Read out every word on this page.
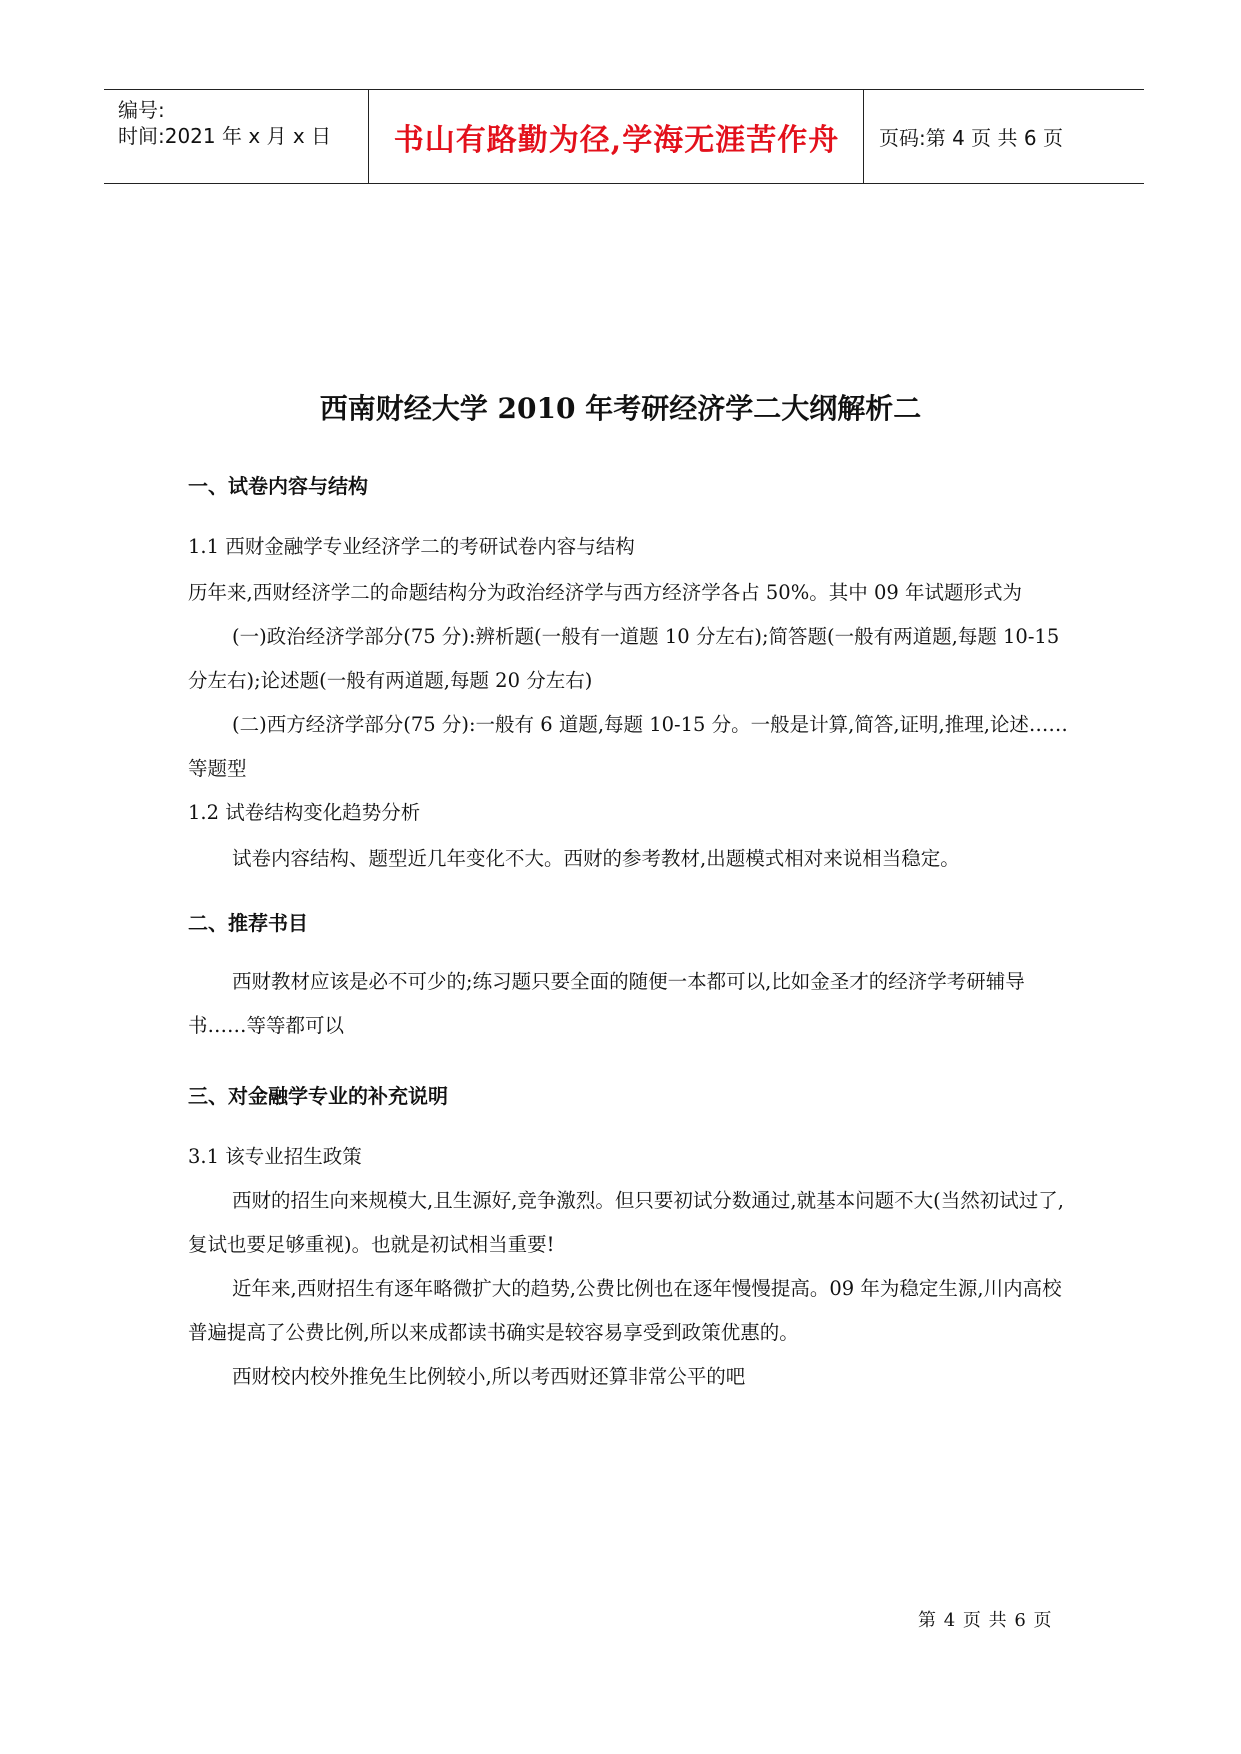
编号:
时间:2021 年 x 月 x 日 书山有路勤为径,学海无涯苦作舟 页码:第 4 页 共 6 页
西南财经大学 2010 年考研经济学二大纲解析二
一、试卷内容与结构

1.1 西财金融学专业经济学二的考研试卷内容与结构

历年来,西财经济学二的命题结构分为政治经济学与西方经济学各占 50%。其中 09 年试题形式为

(一)政治经济学部分(75 分):辨析题(一般有一道题 10 分左右);简答题(一般有两道题,每题 10-15 分左右);论述题(一般有两道题,每题 20 分左右)

(二)西方经济学部分(75 分):一般有 6 道题,每题 10-15 分。一般是计算,简答,证明,推理,论述……等题型

1.2 试卷结构变化趋势分析

试卷内容结构、题型近几年变化不大。西财的参考教材,出题模式相对来说相当稳定。

二、推荐书目

西财教材应该是必不可少的;练习题只要全面的随便一本都可以,比如金圣才的经济学考研辅导书……等等都可以

三、对金融学专业的补充说明

3.1 该专业招生政策

西财的招生向来规模大,且生源好,竞争激烈。但只要初试分数通过,就基本问题不大(当然初试过了,复试也要足够重视)。也就是初试相当重要!

近年来,西财招生有逐年略微扩大的趋势,公费比例也在逐年慢慢提高。09 年为稳定生源,川内高校普遍提高了公费比例,所以来成都读书确实是较容易享受到政策优惠的。

西财校内校外推免生比例较小,所以考西财还算非常公平的吧

第 4 页 共 6 页
